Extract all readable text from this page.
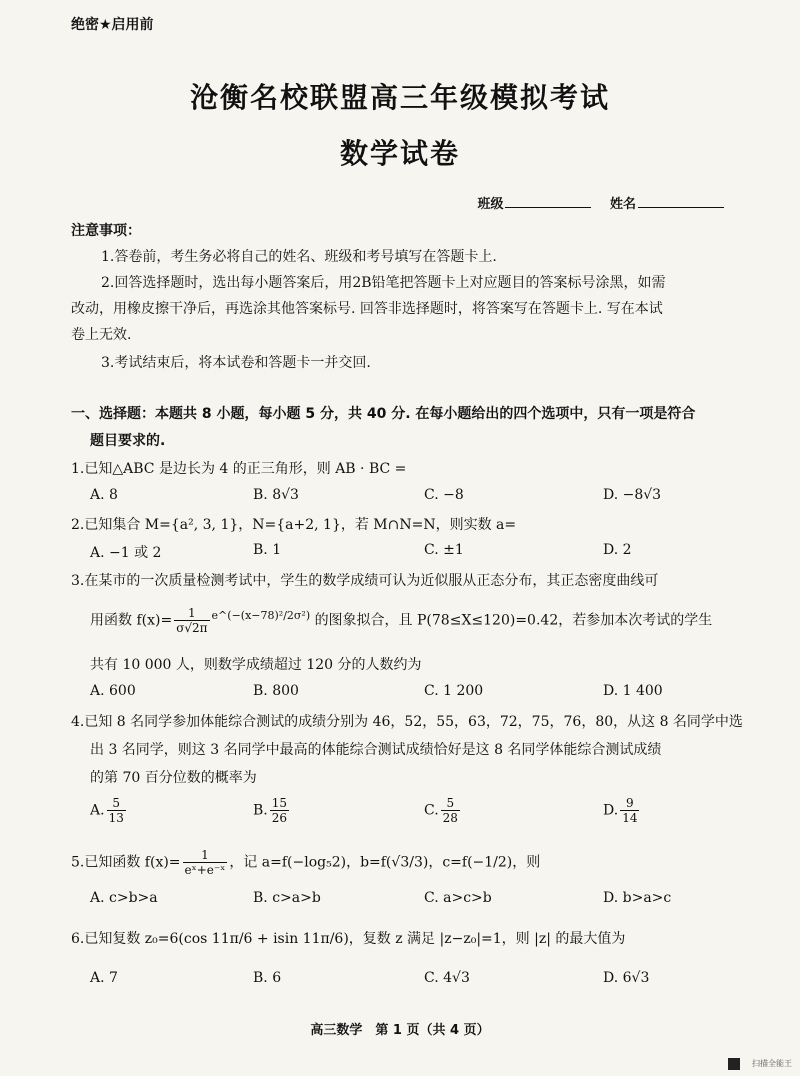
绝密★启用前
沧衡名校联盟高三年级模拟考试
数学试卷
班级	姓名
注意事项：
1.答卷前，考生务必将自己的姓名、班级和考号填写在答题卡上.
2.回答选择题时，选出每小题答案后，用2B铅笔把答题卡上对应题目的答案标号涂黑，如需
改动，用橡皮擦干净后，再选涂其他答案标号. 回答非选择题时，将答案写在答题卡上. 写在本试
卷上无效.
3.考试结束后，将本试卷和答题卡一并交回.
一、选择题：本题共 8 小题，每小题 5 分，共 40 分. 在每小题给出的四个选项中，只有一项是符合
题目要求的.
1.已知△ABC 是边长为 4 的正三角形，则 AB · BC =
A. 8	B. 8√3	C. −8	D. −8√3
2.已知集合 M={a², 3, 1}，N={a+2, 1}，若 M∩N=N，则实数 a=
A. −1 或 2	B. 1	C. ±1	D. 2
3.在某市的一次质量检测考试中，学生的数学成绩可认为近似服从正态分布，其正态密度曲线可
用函数 $f(x)= \frac{1}{\sigma√2\pi} ^{e\^{}(-(x-78)^2/2\sigma^2)}$ 的图象拟合，且 P(78≤X≤120)=0.42，若参加本次考试的学生
共有 10 000 人，则数学成绩超过 120 分的人数约为
A. 600	B. 800	C. 1 200	D. 1 400
4.已知 8 名同学参加体能综合测试的成绩分别为 46，52，55，63，72，75，76，80，从这 8 名同学中选
出 3 名同学，则这 3 名同学中最高的体能综合测试成绩恰好是这 8 名同学体能综合测试成绩
的第 70 百分位数的概率为
A. $\frac{5}{13}$	B. $\frac{15}{26}$	C. $\frac{5}{28}$	D. $\frac{9}{14}$
5.已知函数 $f(x)= \frac{1}{\text{eˣ+e⁻ˣ}}$ ，记 a=f(−log₅2)，b=f(√3/3)，c=f(−1/2)，则
A. c>b>a	B. c>a>b	C. a>c>b	D. b>a>c
6.已知复数 z₀=6(cos 11π/6 + isin 11π/6)，复数 z 满足 |z−z₀|=1，则 |z| 的最大值为
A. 7	B. 6	C. 4√3	D. 6√3
高三数学　第 1 页（共 4 页）
扫描全能王
